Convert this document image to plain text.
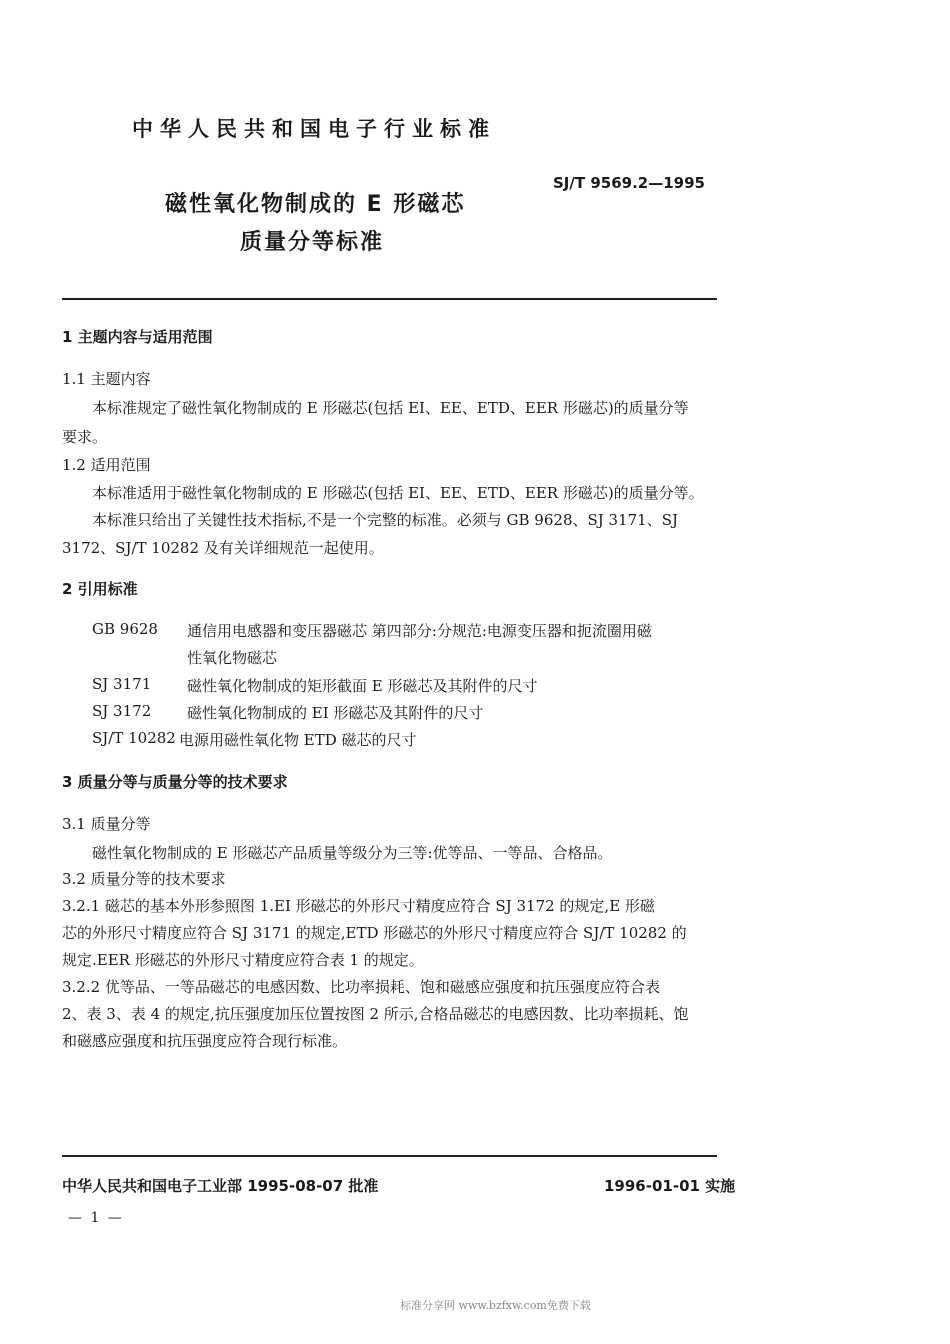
中华人民共和国电子行业标准
SJ/T 9569.2—1995
磁性氧化物制成的 E 形磁芯
质量分等标准
1 主题内容与适用范围
1.1 主题内容
本标准规定了磁性氧化物制成的 E 形磁芯(包括 EI、EE、ETD、EER 形磁芯)的质量分等
要求。
1.2 适用范围
本标准适用于磁性氧化物制成的 E 形磁芯(包括 EI、EE、ETD、EER 形磁芯)的质量分等。
本标准只给出了关键性技术指标,不是一个完整的标准。必须与 GB 9628、SJ 3171、SJ
3172、SJ/T 10282 及有关详细规范一起使用。
2 引用标准
GB 9628 通信用电感器和变压器磁芯 第四部分:分规范:电源变压器和扼流圈用磁
性氧化物磁芯
SJ 3171 磁性氧化物制成的矩形截面 E 形磁芯及其附件的尺寸
SJ 3172 磁性氧化物制成的 EI 形磁芯及其附件的尺寸
SJ/T 10282 电源用磁性氧化物 ETD 磁芯的尺寸
3 质量分等与质量分等的技术要求
3.1 质量分等
磁性氧化物制成的 E 形磁芯产品质量等级分为三等:优等品、一等品、合格品。
3.2 质量分等的技术要求
3.2.1 磁芯的基本外形参照图 1.EI 形磁芯的外形尺寸精度应符合 SJ 3172 的规定,E 形磁
芯的外形尺寸精度应符合 SJ 3171 的规定,ETD 形磁芯的外形尺寸精度应符合 SJ/T 10282 的
规定.EER 形磁芯的外形尺寸精度应符合表 1 的规定。
3.2.2 优等品、一等品磁芯的电感因数、比功率损耗、饱和磁感应强度和抗压强度应符合表
2、表 3、表 4 的规定,抗压强度加压位置按图 2 所示,合格品磁芯的电感因数、比功率损耗、饱
和磁感应强度和抗压强度应符合现行标准。
中华人民共和国电子工业部 1995-08-07 批准	1996-01-01 实施
— 1 —
标准分享网 www.bzfxw.com免费下载
